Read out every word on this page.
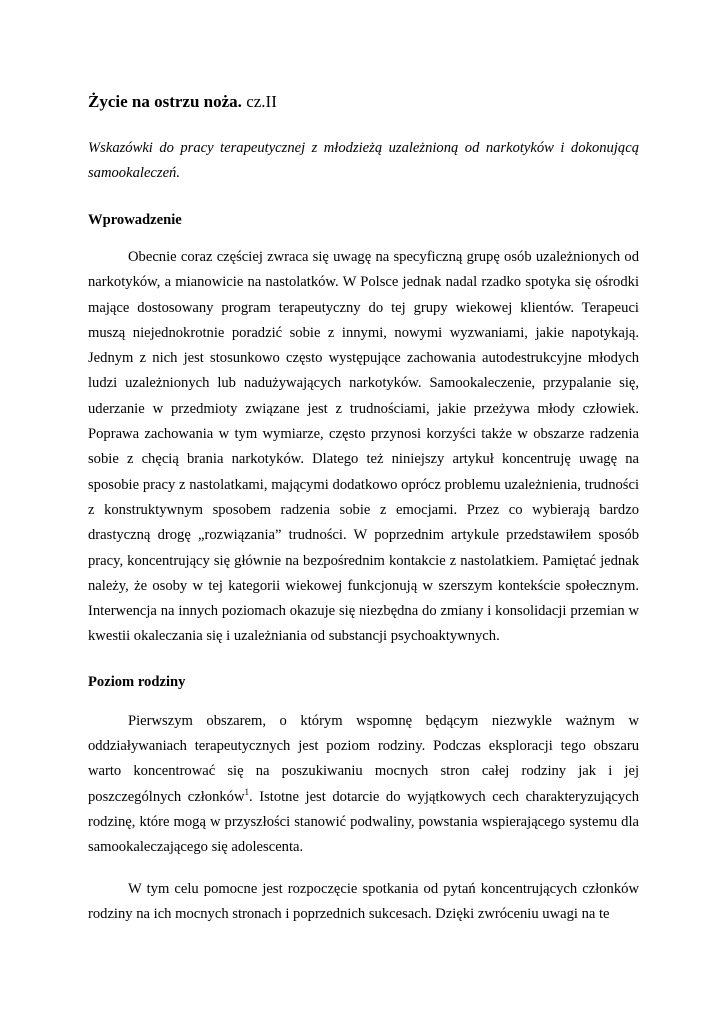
Życie na ostrzu noża. cz.II

Wskazówki do pracy terapeutycznej z młodzieżą uzależnioną od narkotyków i dokonującą samookaleczeń.

Wprowadzenie

Obecnie coraz częściej zwraca się uwagę na specyficzną grupę osób uzależnionych od narkotyków, a mianowicie na nastolatków. W Polsce jednak nadal rzadko spotyka się ośrodki mające dostosowany program terapeutyczny do tej grupy wiekowej klientów. Terapeuci muszą niejednokrotnie poradzić sobie z innymi, nowymi wyzwaniami, jakie napotykają. Jednym z nich jest stosunkowo często występujące zachowania autodestrukcyjne młodych ludzi uzależnionych lub nadużywających narkotyków. Samookaleczenie, przypalanie się, uderzanie w przedmioty związane jest z trudnościami, jakie przeżywa młody człowiek. Poprawa zachowania w tym wymiarze, często przynosi korzyści także w obszarze radzenia sobie z chęcią brania narkotyków. Dlatego też niniejszy artykuł koncentruję uwagę na sposobie pracy z nastolatkami, mającymi dodatkowo oprócz problemu uzależnienia, trudności z konstruktywnym sposobem radzenia sobie z emocjami. Przez co wybierają bardzo drastyczną drogę „rozwiązania” trudności. W poprzednim artykule przedstawiłem sposób pracy, koncentrujący się głównie na bezpośrednim kontakcie z nastolatkiem. Pamiętać jednak należy, że osoby w tej kategorii wiekowej funkcjonują w szerszym kontekście społecznym. Interwencja na innych poziomach okazuje się niezbędna do zmiany i konsolidacji przemian w kwestii okaleczania się i uzależniania od substancji psychoaktywnych.

Poziom rodziny

Pierwszym obszarem, o którym wspomnę będącym niezwykle ważnym w oddziaływaniach terapeutycznych jest poziom rodziny. Podczas eksploracji tego obszaru warto koncentrować się na poszukiwaniu mocnych stron całej rodziny jak i jej poszczególnych członków$^1$. Istotne jest dotarcie do wyjątkowych cech charakteryzujących rodzinę, które mogą w przyszłości stanowić podwaliny, powstania wspierającego systemu dla samookaleczającego się adolescenta.

W tym celu pomocne jest rozpoczęcie spotkania od pytań koncentrujących członków rodziny na ich mocnych stronach i poprzednich sukcesach. Dzięki zwróceniu uwagi na te
